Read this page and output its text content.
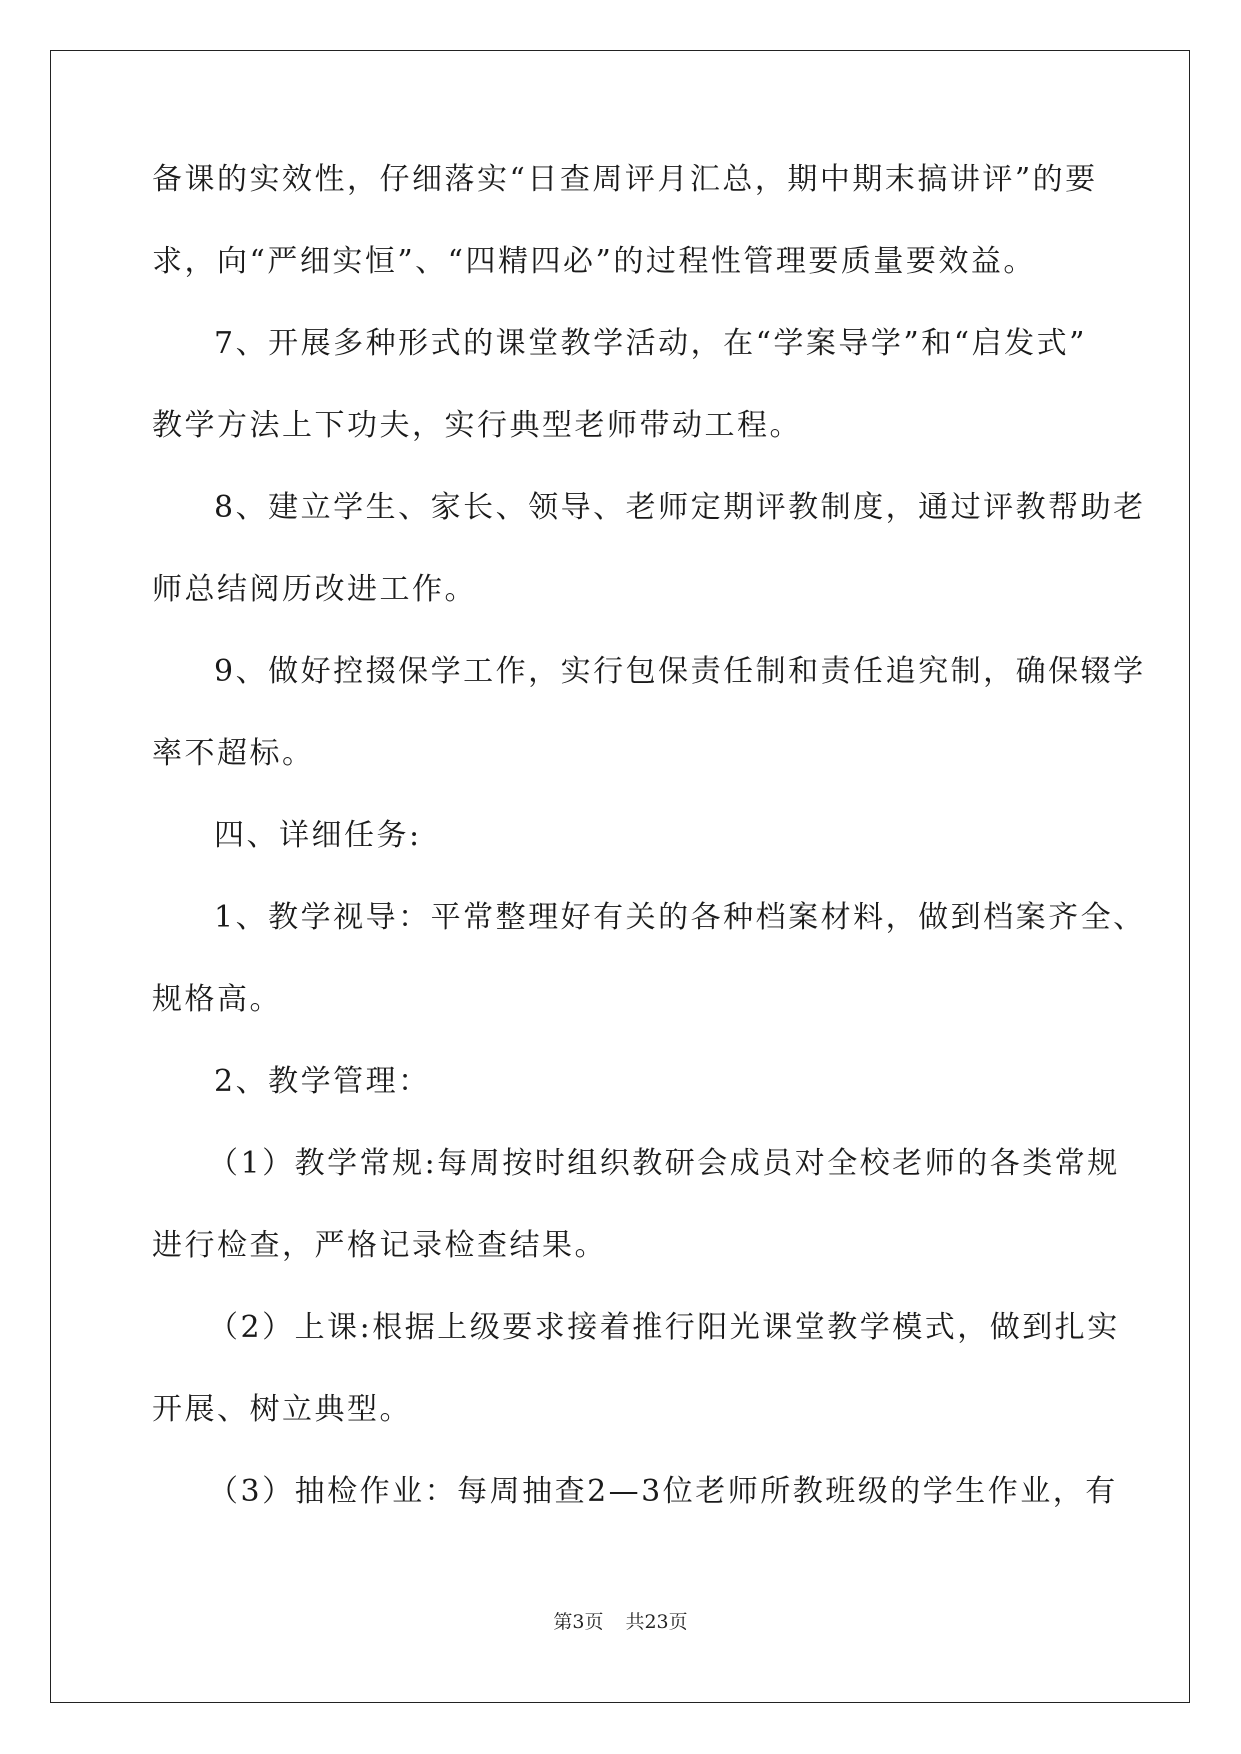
备课的实效性，仔细落实“日查周评月汇总，期中期末搞讲评”的要
求，向“严细实恒”、“四精四必”的过程性管理要质量要效益。
7、开展多种形式的课堂教学活动，在“学案导学”和“启发式”
教学方法上下功夫，实行典型老师带动工程。
8、建立学生、家长、领导、老师定期评教制度，通过评教帮助老
师总结阅历改进工作。
9、做好控掇保学工作，实行包保责任制和责任追究制，确保辍学
率不超标。
四、详细任务:
1、教学视导：平常整理好有关的各种档案材料，做到档案齐全、
规格高。
2、教学管理：
（1）教学常规:每周按时组织教研会成员对全校老师的各类常规
进行检查，严格记录检查结果。
（2）上课:根据上级要求接着推行阳光课堂教学模式，做到扎实
开展、树立典型。
（3）抽检作业：每周抽查2—3位老师所教班级的学生作业，有
第3页 共23页
